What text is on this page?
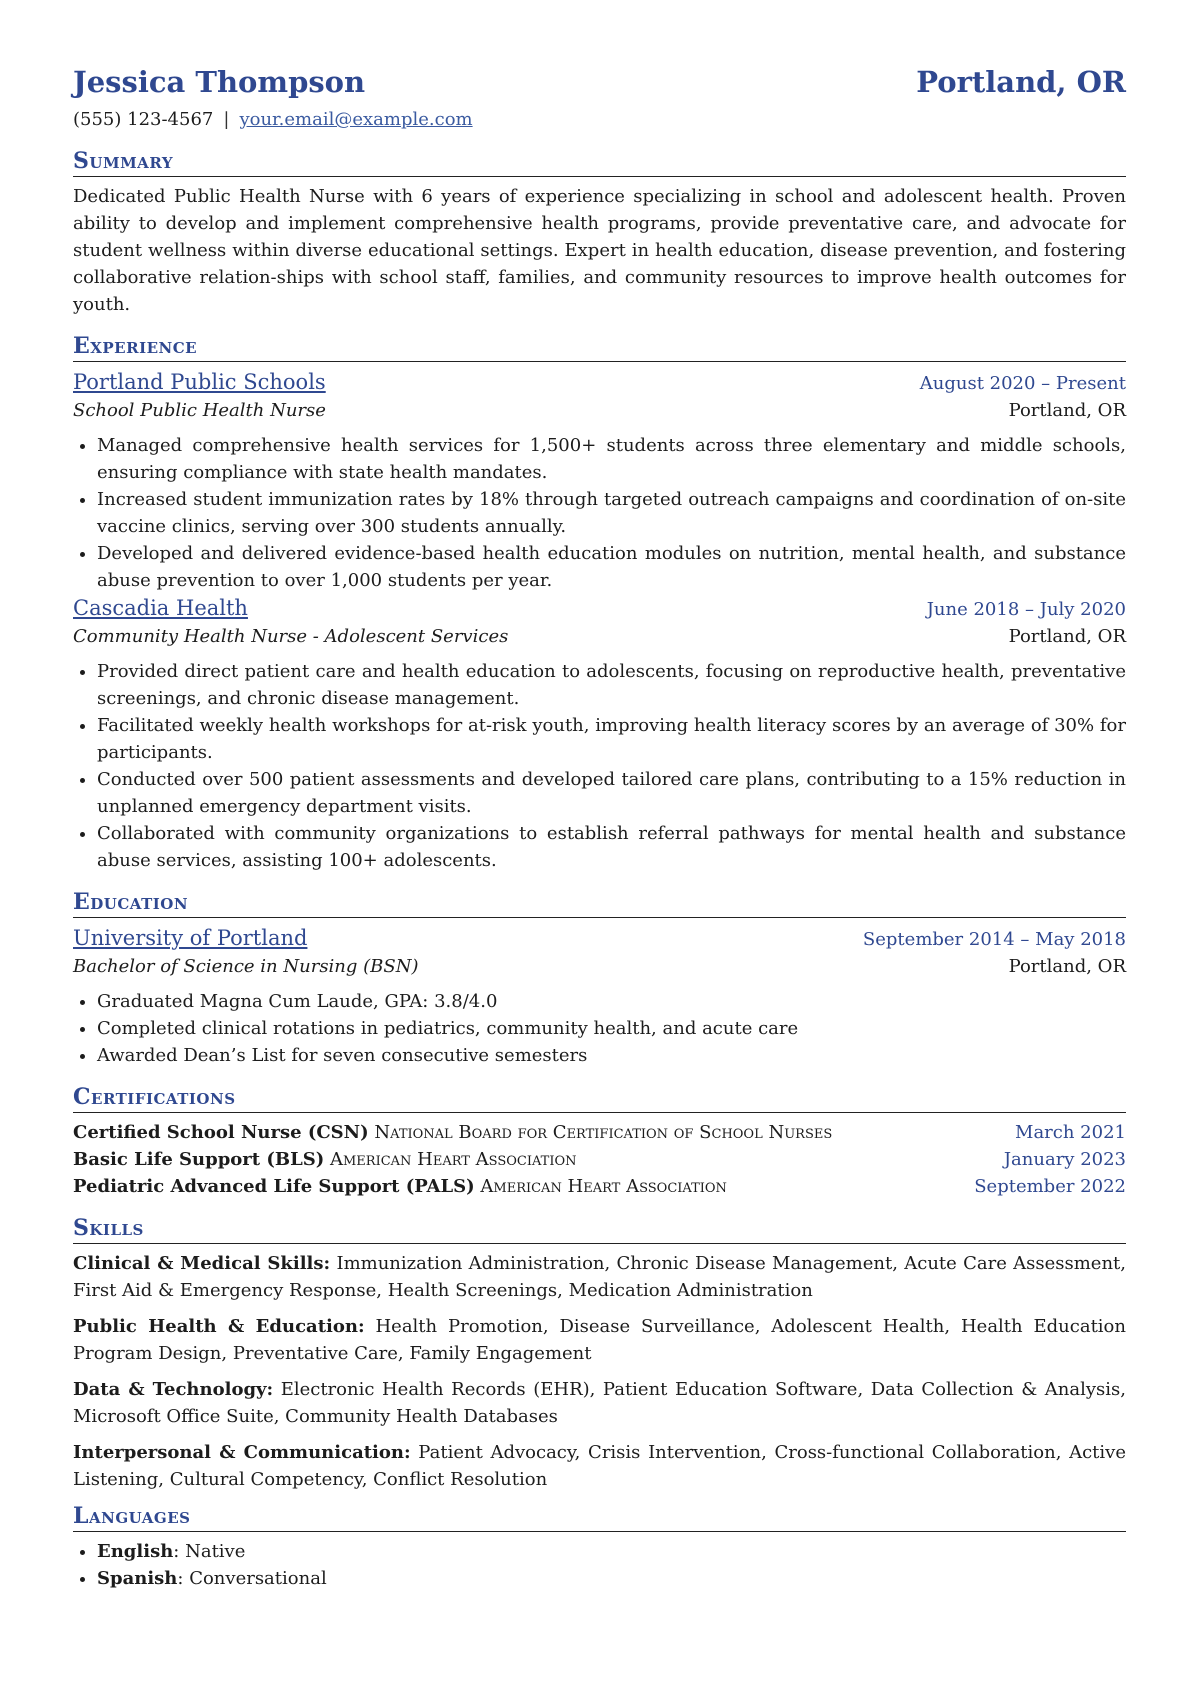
Jessica Thompson	Portland, OR
(555) 123-4567 | your.email@example.com
Summary
Dedicated Public Health Nurse with 6 years of experience specializing in school and adolescent health. Proven ability to develop and implement comprehensive health programs, provide preventative care, and advocate for student wellness within diverse educational settings. Expert in health education, disease prevention, and fostering collaborative relation-ships with school staff, families, and community resources to improve health outcomes for youth.
Experience
Portland Public Schools	August 2020 – Present
School Public Health Nurse	Portland, OR
• Managed comprehensive health services for 1,500+ students across three elementary and middle schools, ensuring compliance with state health mandates.
• Increased student immunization rates by 18% through targeted outreach campaigns and coordination of on-site vaccine clinics, serving over 300 students annually.
• Developed and delivered evidence-based health education modules on nutrition, mental health, and substance abuse prevention to over 1,000 students per year.
Cascadia Health	June 2018 – July 2020
Community Health Nurse - Adolescent Services	Portland, OR
• Provided direct patient care and health education to adolescents, focusing on reproductive health, preventative screenings, and chronic disease management.
• Facilitated weekly health workshops for at-risk youth, improving health literacy scores by an average of 30% for participants.
• Conducted over 500 patient assessments and developed tailored care plans, contributing to a 15% reduction in unplanned emergency department visits.
• Collaborated with community organizations to establish referral pathways for mental health and substance abuse services, assisting 100+ adolescents.
Education
University of Portland	September 2014 – May 2018
Bachelor of Science in Nursing (BSN)	Portland, OR
• Graduated Magna Cum Laude, GPA: 3.8/4.0
• Completed clinical rotations in pediatrics, community health, and acute care
• Awarded Dean’s List for seven consecutive semesters
Certifications
Certified School Nurse (CSN) National Board for Certification of School Nurses	March 2021
Basic Life Support (BLS) American Heart Association	January 2023
Pediatric Advanced Life Support (PALS) American Heart Association	September 2022
Skills
Clinical & Medical Skills: Immunization Administration, Chronic Disease Management, Acute Care Assessment, First Aid & Emergency Response, Health Screenings, Medication Administration
Public Health & Education: Health Promotion, Disease Surveillance, Adolescent Health, Health Education Program Design, Preventative Care, Family Engagement
Data & Technology: Electronic Health Records (EHR), Patient Education Software, Data Collection & Analysis, Microsoft Office Suite, Community Health Databases
Interpersonal & Communication: Patient Advocacy, Crisis Intervention, Cross-functional Collaboration, Active Listening, Cultural Competency, Conflict Resolution
Languages
• English: Native
• Spanish: Conversational
